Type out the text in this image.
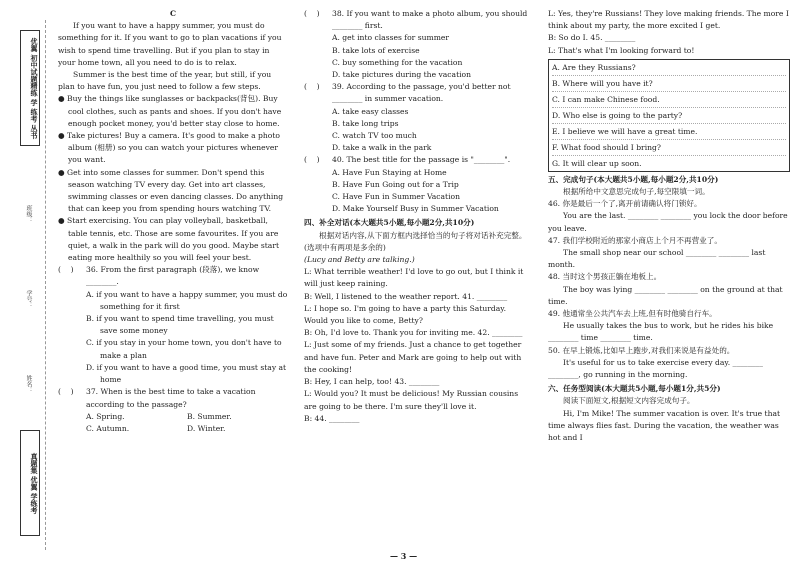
优翼 初中试题精练 学 练考 丛书
班级：
学号：
姓名：
真题集 优翼 学练考

C

If you want to have a happy summer, you must do something for it. If you want to go to plan vacations if you wish to spend time travelling. But if you plan to stay in your home town, all you need to do is to relax.

Summer is the best time of the year, but still, if you plan to have fun, you just need to follow a few steps.

● Buy the things like sunglasses or backpacks(背包). Buy cool clothes, such as pants and shoes. If you don't have enough pocket money, you'd better stay close to home.

● Take pictures! Buy a camera. It's good to make a photo album (相册) so you can watch your pictures whenever you want.

● Get into some classes for summer. Don't spend this season watching TV every day. Get into art classes, swimming classes or even dancing classes. Do anything that can keep you from spending hours watching TV.

● Start exercising. You can play volleyball, basketball, table tennis, etc. Those are some favourites. If you are quiet, a walk in the park will do you good. Maybe start eating more healthily so you will feel your best.

(    )	36. From the first paragraph (段落), we know ________.

A. if you want to have a happy summer, you must do something for it first

B. if you want to spend time travelling, you must save some money

C. if you stay in your home town, you don't have to make a plan

D. if you want to have a good time, you must stay at home

(    )	37. When is the best time to take a vacation according to the passage?
A. Spring.	B. Summer.
C. Autumn.	D. Winter.
(    )	38. If you want to make a photo album, you should ________ first.

A. get into classes for summer

B. take lots of exercise

C. buy something for the vacation

D. take pictures during the vacation

(    )	39. According to the passage, you'd better not ________ in summer vacation.

A. take easy classes

B. take long trips

C. watch TV too much

D. take a walk in the park

(    )	40. The best title for the passage is "________".

A. Have Fun Staying at Home

B. Have Fun Going out for a Trip

C. Have Fun in Summer Vacation

D. Make Yourself Busy in Summer Vacation

四、补全对话(本大题共5小题,每小题2分,共10分)

根据对话内容,从下面方框内选择恰当的句子将对话补充完整。(选项中有两项是多余的)

(Lucy and Betty are talking.)

L: What terrible weather! I'd love to go out, but I think it will just keep raining.

B: Well, I listened to the weather report. 41. ________

L: I hope so. I'm going to have a party this Saturday. Would you like to come, Betty?

B: Oh, I'd love to. Thank you for inviting me. 42. ________

L: Just some of my friends. Just a chance to get together and have fun. Peter and Mark are going to help out with the cooking!

B: Hey, I can help, too! 43. ________

L: Would you? It must be delicious! My Russian cousins are going to be there. I'm sure they'll love it.

B: 44. ________

L: Yes, they're Russians! They love making friends. The more I think about my party, the more excited I get.

B: So do I. 45. ________

L: That's what I'm looking forward to!

A. Are they Russians?
B. Where will you have it?
C. I can make Chinese food.
D. Who else is going to the party?
E. I believe we will have a great time.
F. What food should I bring?
G. It will clear up soon.

五、完成句子(本大题共5小题,每小题2分,共10分)

根据所给中文意思完成句子,每空限填一词。

46. 你是最后一个了,离开前请确认将门锁好。

You are the last. ________ ________ you lock the door before you leave.

47. 我们学校附近的那家小商店上个月不再营业了。

The small shop near our school ________ ________ last month.

48. 当时这个男孩正躺在地板上。

The boy was lying ________ ________ on the ground at that time.

49. 他通常坐公共汽车去上班,但有时他骑自行车。

He usually takes the bus to work, but he rides his bike ________ time ________ time.

50. 在早上锻炼,比如早上跑步,对我们来说是有益处的。

It's useful for us to take exercise every day. ________ ________, go running in the morning.

六、任务型阅读(本大题共5小题,每小题1分,共5分)

阅读下面短文,根据短文内容完成句子。

Hi, I'm Mike! The summer vacation is over. It's true that time always flies fast. During the vacation, the weather was hot and I

— 3 —
